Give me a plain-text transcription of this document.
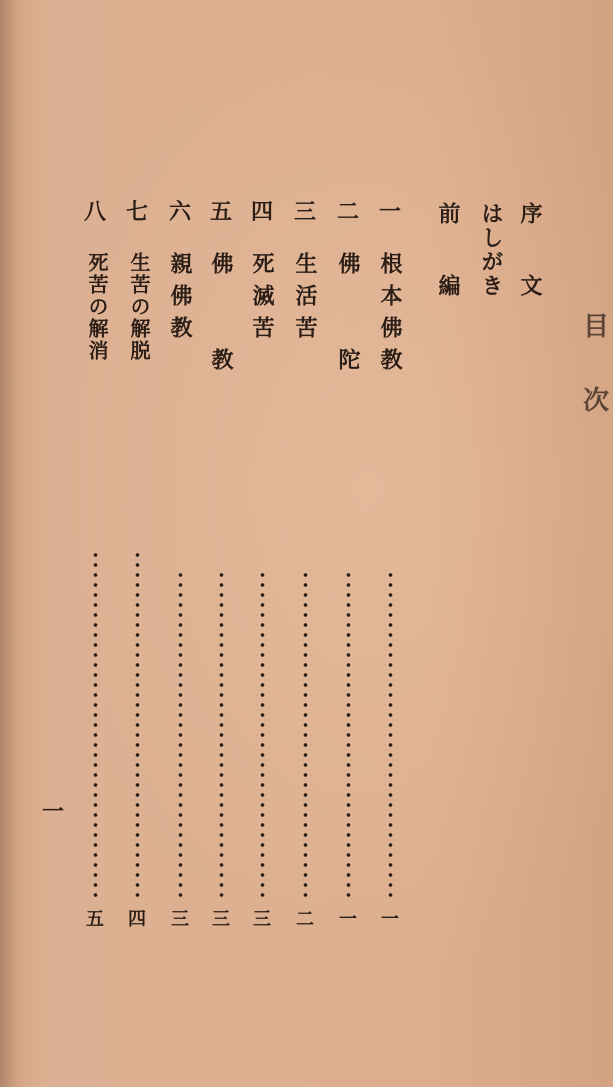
目
次
序　文
はしがき
前　編
一
根本佛教
一
二
佛　　陀
一
三
生活苦
二
四
死滅苦
三
五
佛　　教
三
六
親佛教
三
七
生苦の解脱
四
八
死苦の解消
五
一
